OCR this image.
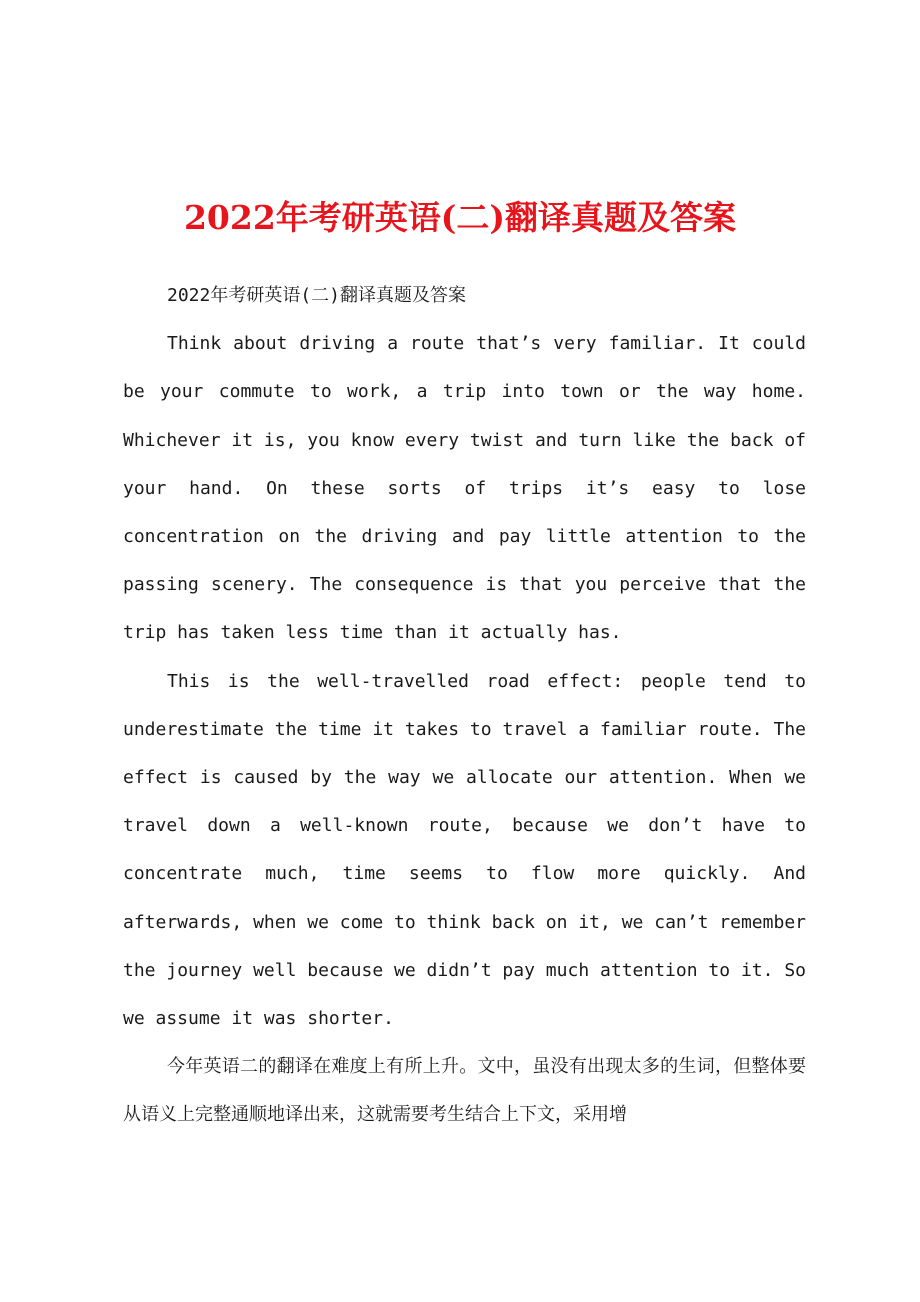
2022年考研英语(二)翻译真题及答案

2022年考研英语(二)翻译真题及答案

Think about driving a route that’s very familiar. It could be your commute to work, a trip into town or the way home. Whichever it is, you know every twist and turn like the back of your hand. On these sorts of trips it’s easy to lose concentration on the driving and pay little attention to the passing scenery. The consequence is that you perceive that the trip has taken less time than it actually has.

This is the well-travelled road effect: people tend to underestimate the time it takes to travel a familiar route. The effect is caused by the way we allocate our attention. When we travel down a well-known route, because we don’t have to concentrate much, time seems to flow more quickly. And afterwards, when we come to think back on it, we can’t remember the journey well because we didn’t pay much attention to it. So we assume it was shorter.

今年英语二的翻译在难度上有所上升。文中，虽没有出现太多的生词，但整体要从语义上完整通顺地译出来，这就需要考生结合上下文，采用增
